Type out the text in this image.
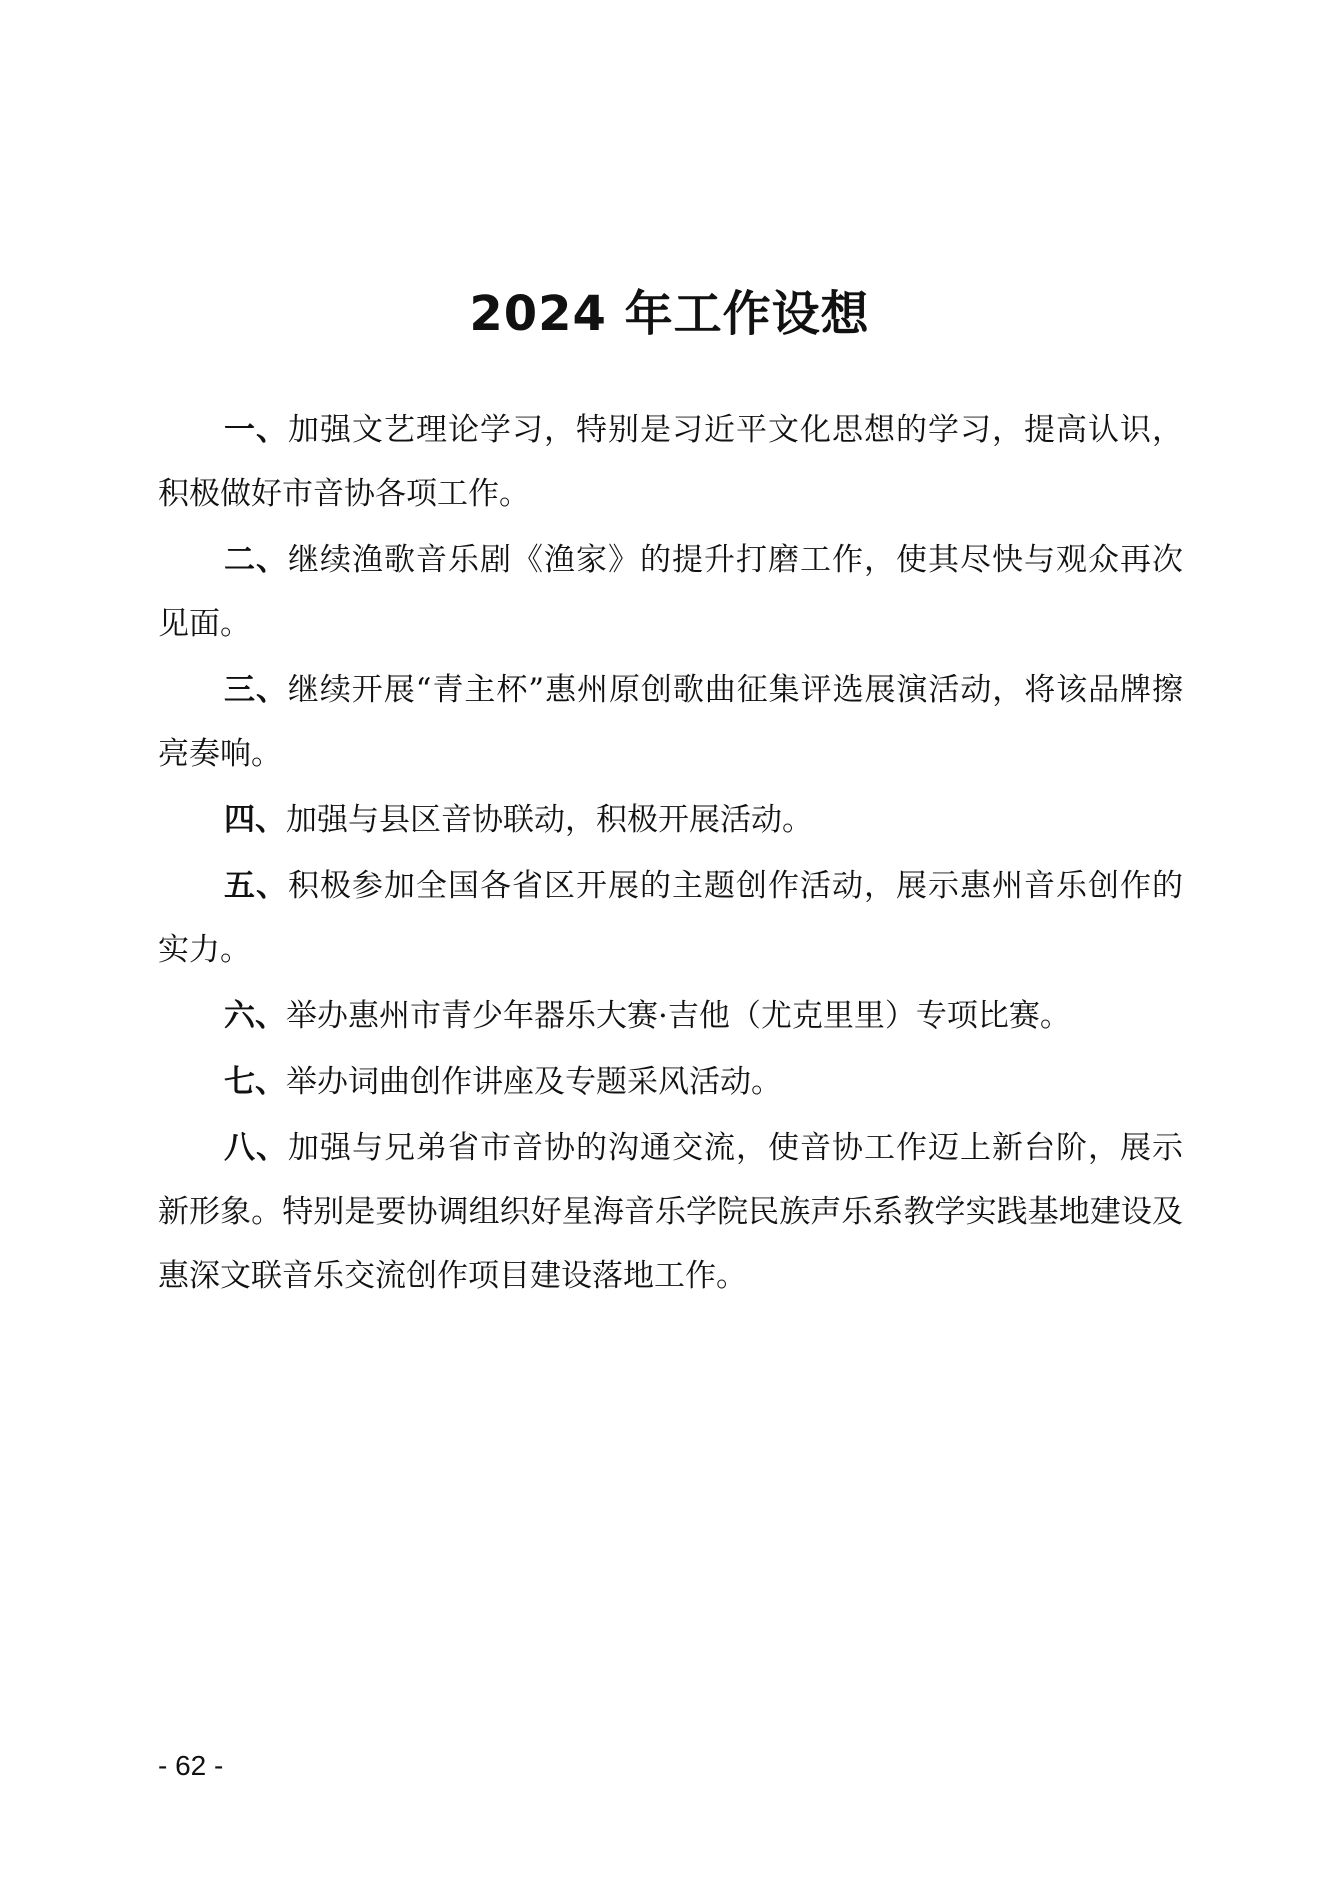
2024 年工作设想

一、加强文艺理论学习，特别是习近平文化思想的学习，提高认识，积极做好市音协各项工作。

二、继续渔歌音乐剧《渔家》的提升打磨工作，使其尽快与观众再次见面。

三、继续开展“青主杯”惠州原创歌曲征集评选展演活动，将该品牌擦亮奏响。

四、加强与县区音协联动，积极开展活动。

五、积极参加全国各省区开展的主题创作活动，展示惠州音乐创作的实力。

六、举办惠州市青少年器乐大赛·吉他（尤克里里）专项比赛。

七、举办词曲创作讲座及专题采风活动。

八、加强与兄弟省市音协的沟通交流，使音协工作迈上新台阶，展示新形象。特别是要协调组织好星海音乐学院民族声乐系教学实践基地建设及惠深文联音乐交流创作项目建设落地工作。

- 62 -
